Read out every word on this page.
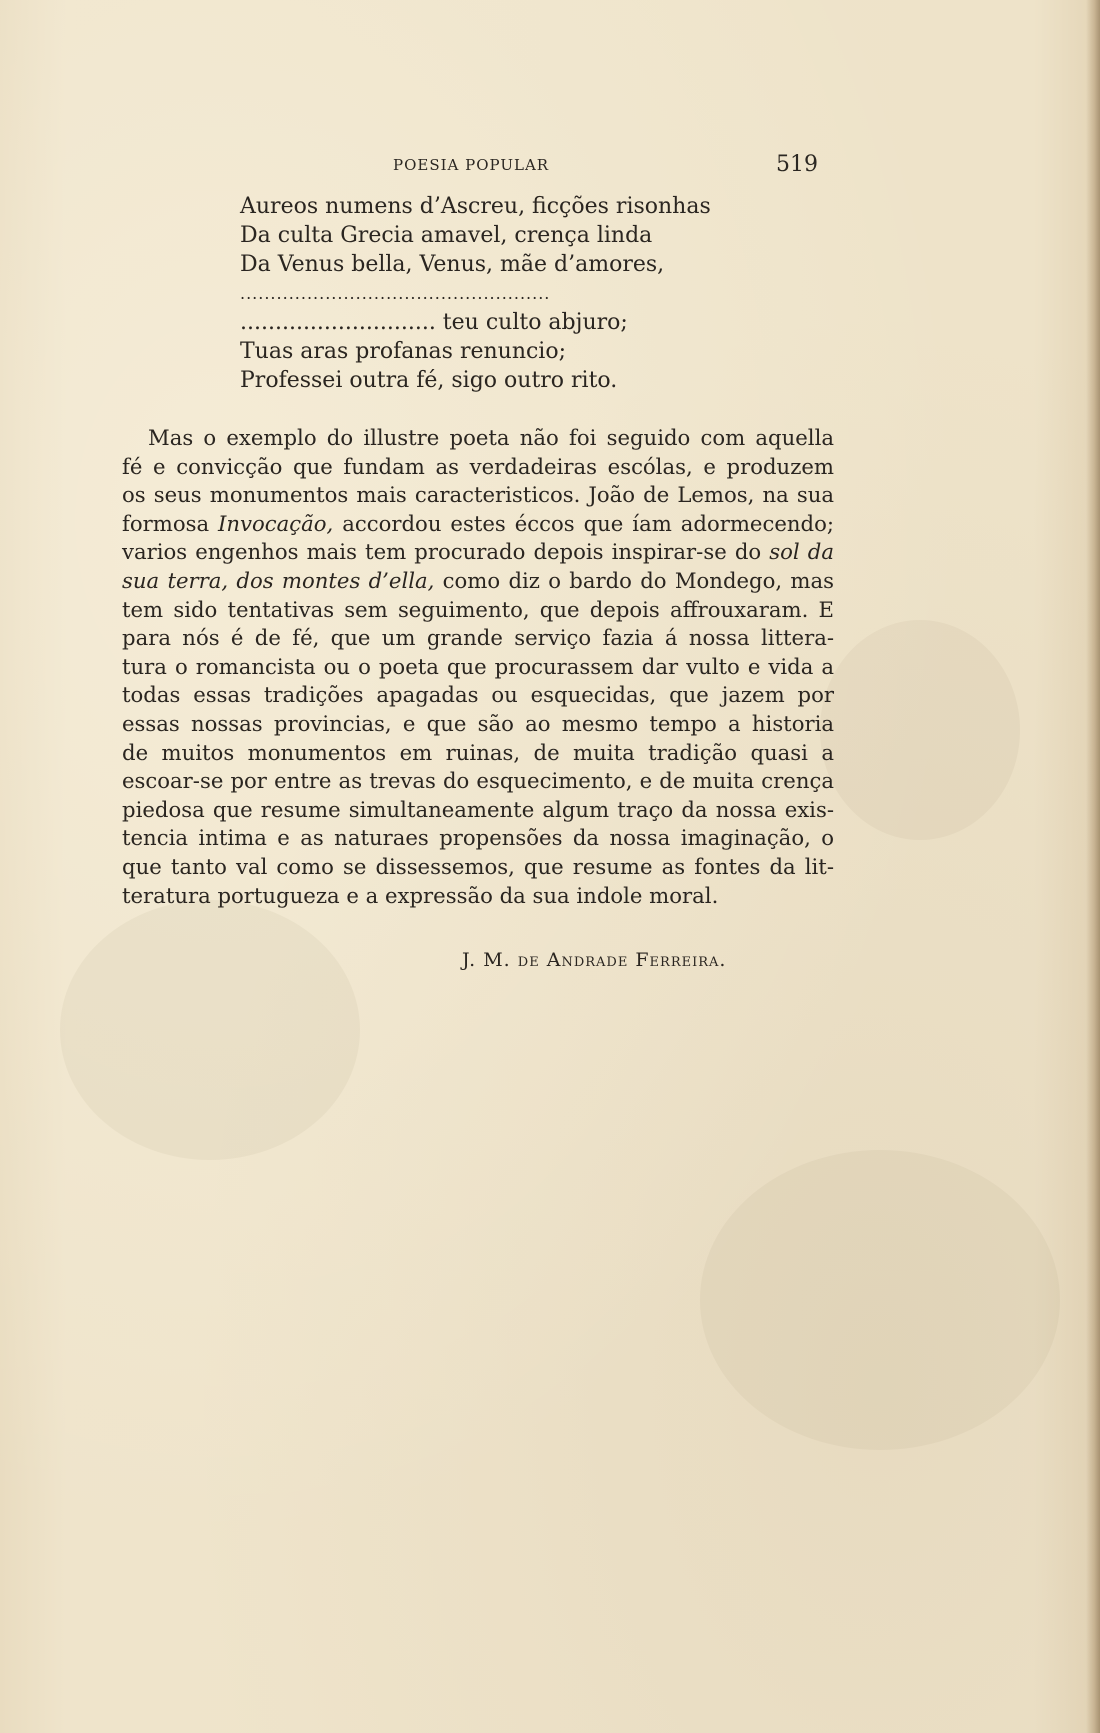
POESIA POPULAR	519
Aureos numens d’Ascreu, ficções risonhas
Da culta Grecia amavel, crença linda
Da Venus bella, Venus, mãe d’amores,
...................................................
............................ teu culto abjuro;
Tuas aras profanas renuncio;
Professei outra fé, sigo outro rito.
Mas o exemplo do illustre poeta não foi seguido com aquella
fé e convicção que fundam as verdadeiras escólas, e produzem
os seus monumentos mais caracteristicos. João de Lemos, na sua
formosa Invocação, accordou estes éccos que íam adormecendo;
varios engenhos mais tem procurado depois inspirar-se do sol da
sua terra, dos montes d’ella, como diz o bardo do Mondego, mas
tem sido tentativas sem seguimento, que depois affrouxaram. E
para nós é de fé, que um grande serviço fazia á nossa littera-
tura o romancista ou o poeta que procurassem dar vulto e vida a
todas essas tradições apagadas ou esquecidas, que jazem por
essas nossas provincias, e que são ao mesmo tempo a historia
de muitos monumentos em ruinas, de muita tradição quasi a
escoar-se por entre as trevas do esquecimento, e de muita crença
piedosa que resume simultaneamente algum traço da nossa exis-
tencia intima e as naturaes propensões da nossa imaginação, o
que tanto val como se dissessemos, que resume as fontes da lit-
teratura portugueza e a expressão da sua indole moral.
J. M. de Andrade Ferreira.
